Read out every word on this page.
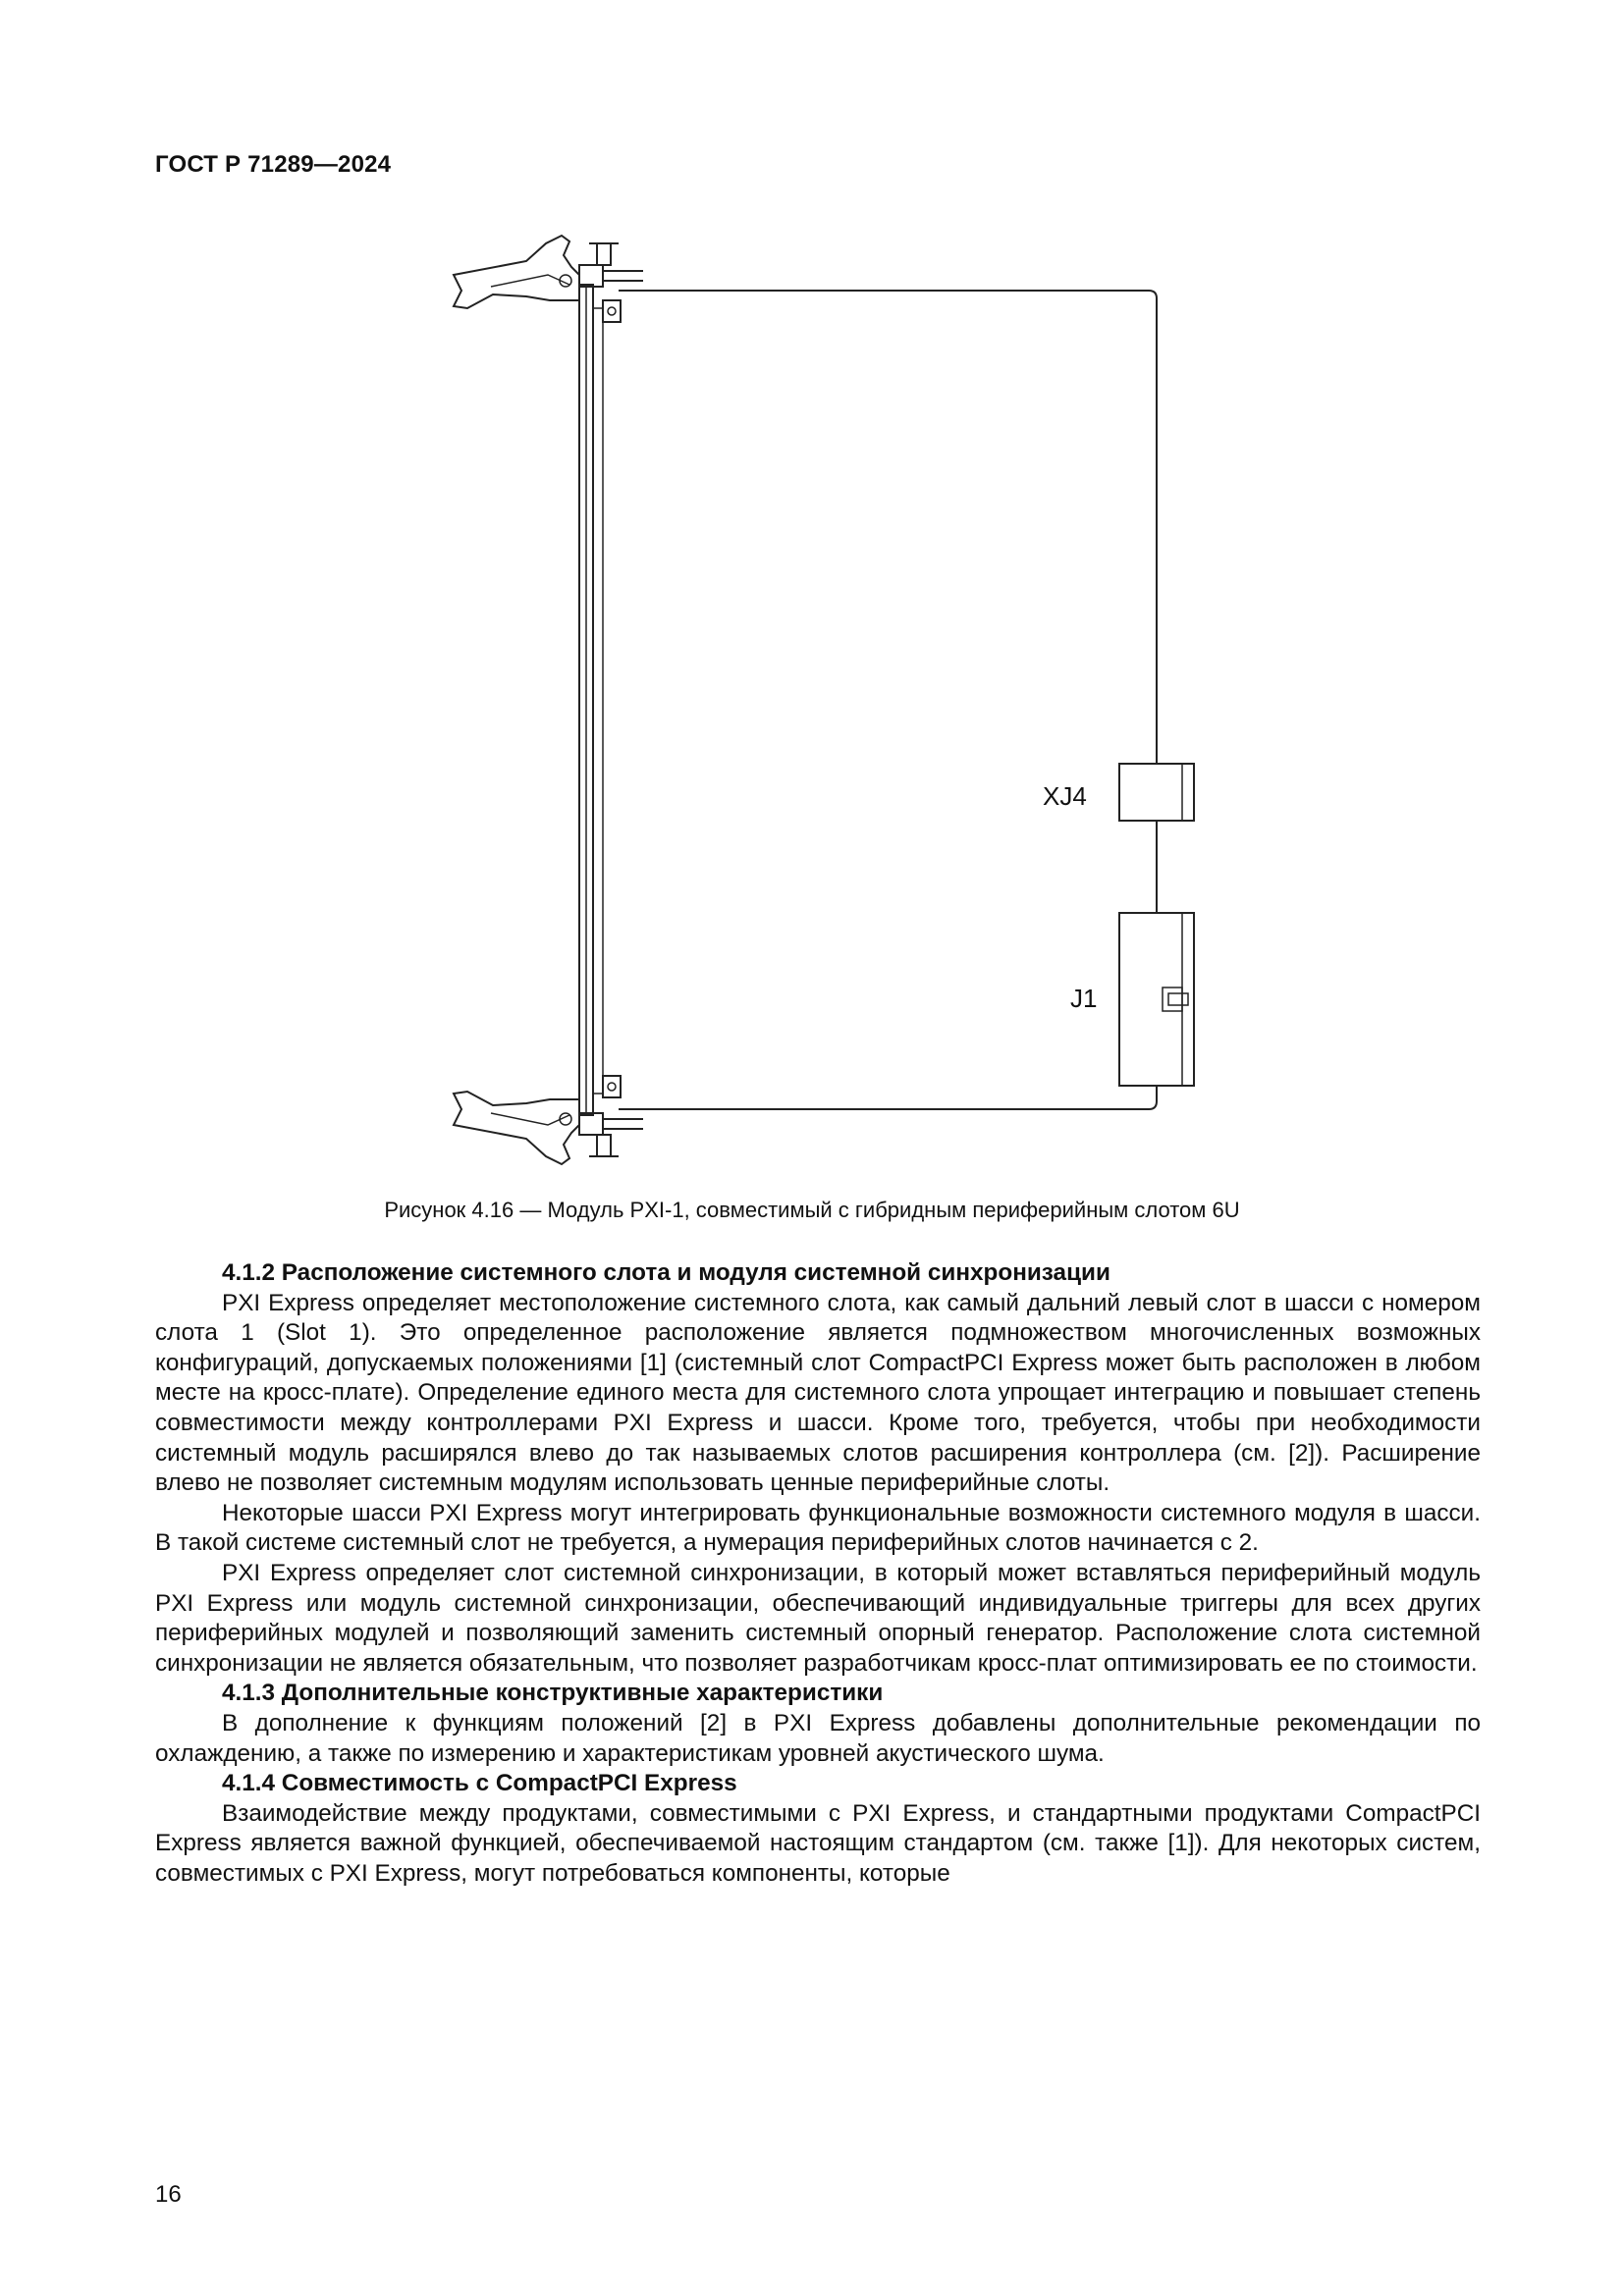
ГОСТ Р 71289—2024
XJ4
J1
Рисунок 4.16 — Модуль PXI-1, совместимый с гибридным периферийным слотом 6U
4.1.2 Расположение системного слота и модуля системной синхронизации

PXI Express определяет местоположение системного слота, как самый дальний левый слот в шасси с номером слота 1 (Slot 1). Это определенное расположение является подмножеством многочисленных возможных конфигураций, допускаемых положениями [1] (системный слот CompactPCI Express может быть расположен в любом месте на кросс-плате). Определение единого места для системного слота упрощает интеграцию и повышает степень совместимости между контроллерами PXI Express и шасси. Кроме того, требуется, чтобы при необходимости системный модуль расширялся влево до так называемых слотов расширения контроллера (см. [2]). Расширение влево не позволяет системным модулям использовать ценные периферийные слоты.

Некоторые шасси PXI Express могут интегрировать функциональные возможности системного модуля в шасси. В такой системе системный слот не требуется, а нумерация периферийных слотов начинается с 2.

PXI Express определяет слот системной синхронизации, в который может вставляться периферийный модуль PXI Express или модуль системной синхронизации, обеспечивающий индивидуальные триггеры для всех других периферийных модулей и позволяющий заменить системный опорный генератор. Расположение слота системной синхронизации не является обязательным, что позволяет разработчикам кросс-плат оптимизировать ее по стоимости.

4.1.3 Дополнительные конструктивные характеристики

В дополнение к функциям положений [2] в PXI Express добавлены дополнительные рекомендации по охлаждению, а также по измерению и характеристикам уровней акустического шума.

4.1.4 Совместимость с CompactPCI Express

Взаимодействие между продуктами, совместимыми с PXI Express, и стандартными продуктами CompactPCI Express является важной функцией, обеспечиваемой настоящим стандартом (см. также [1]). Для некоторых систем, совместимых с PXI Express, могут потребоваться компоненты, которые

16
